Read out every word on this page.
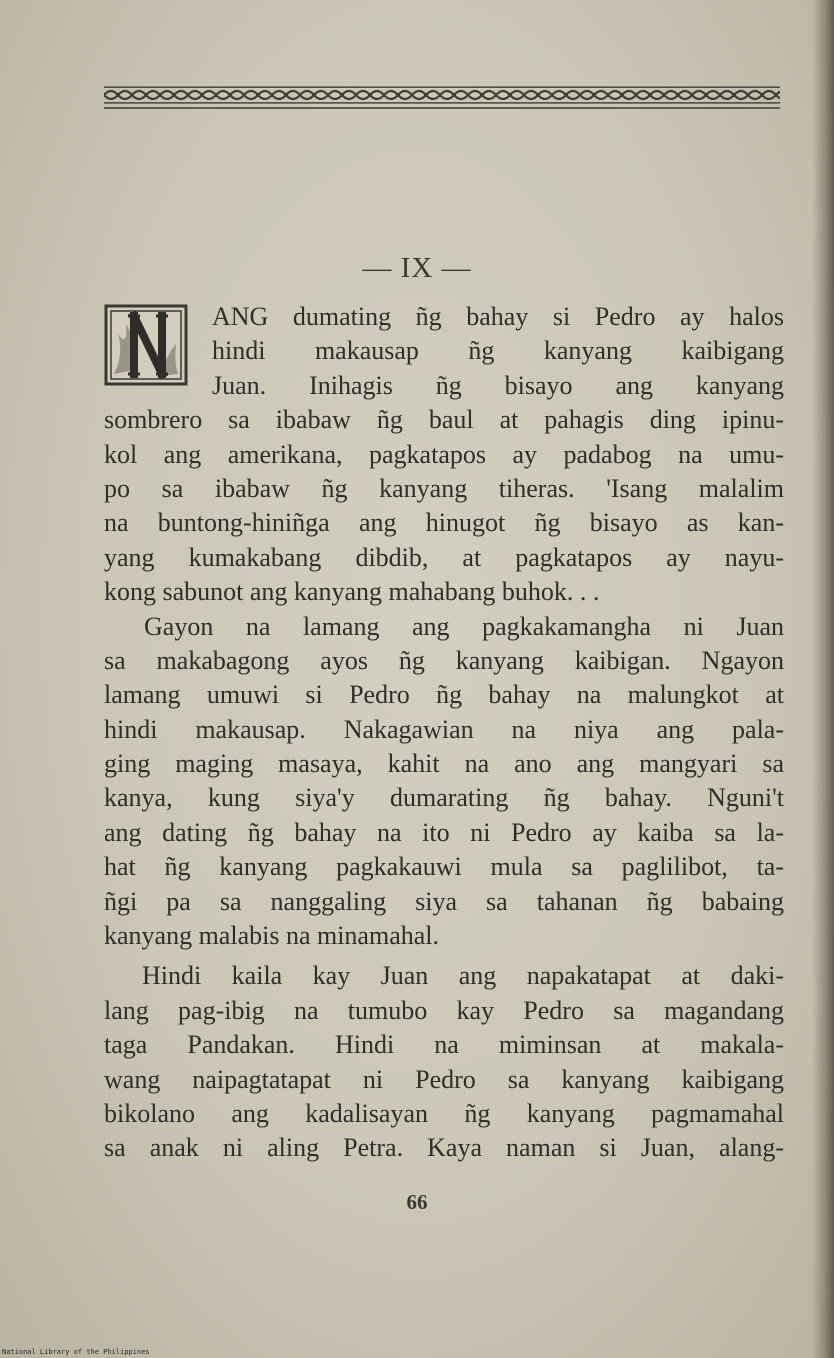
— IX —
ANG dumating ñg bahay si Pedro ay halos
hindi makausap ñg kanyang kaibigang
Juan. Inihagis ñg bisayo ang kanyang
sombrero sa ibabaw ñg baul at pahagis ding ipinu-
kol ang amerikana, pagkatapos ay padabog na umu-
po sa ibabaw ñg kanyang tiheras. 'Isang malalim
na buntong-hiniñga ang hinugot ñg bisayo as kan-
yang kumakabang dibdib, at pagkatapos ay nayu-
kong sabunot ang kanyang mahabang buhok. . .
Gayon na lamang ang pagkakamangha ni Juan
sa makabagong ayos ñg kanyang kaibigan. Ngayon
lamang umuwi si Pedro ñg bahay na malungkot at
hindi makausap. Nakagawian na niya ang pala-
ging maging masaya, kahit na ano ang mangyari sa
kanya, kung siya'y dumarating ñg bahay. Nguni't
ang dating ñg bahay na ito ni Pedro ay kaiba sa la-
hat ñg kanyang pagkakauwi mula sa paglilibot, ta-
ñgi pa sa nanggaling siya sa tahanan ñg babaing
kanyang malabis na minamahal.
Hindi kaila kay Juan ang napakatapat at daki-
lang pag-ibig na tumubo kay Pedro sa magandang
taga Pandakan. Hindi na miminsan at makala-
wang naipagtatapat ni Pedro sa kanyang kaibigang
bikolano ang kadalisayan ñg kanyang pagmamahal
sa anak ni aling Petra. Kaya naman si Juan, alang-
66
National Library of the Philippines
